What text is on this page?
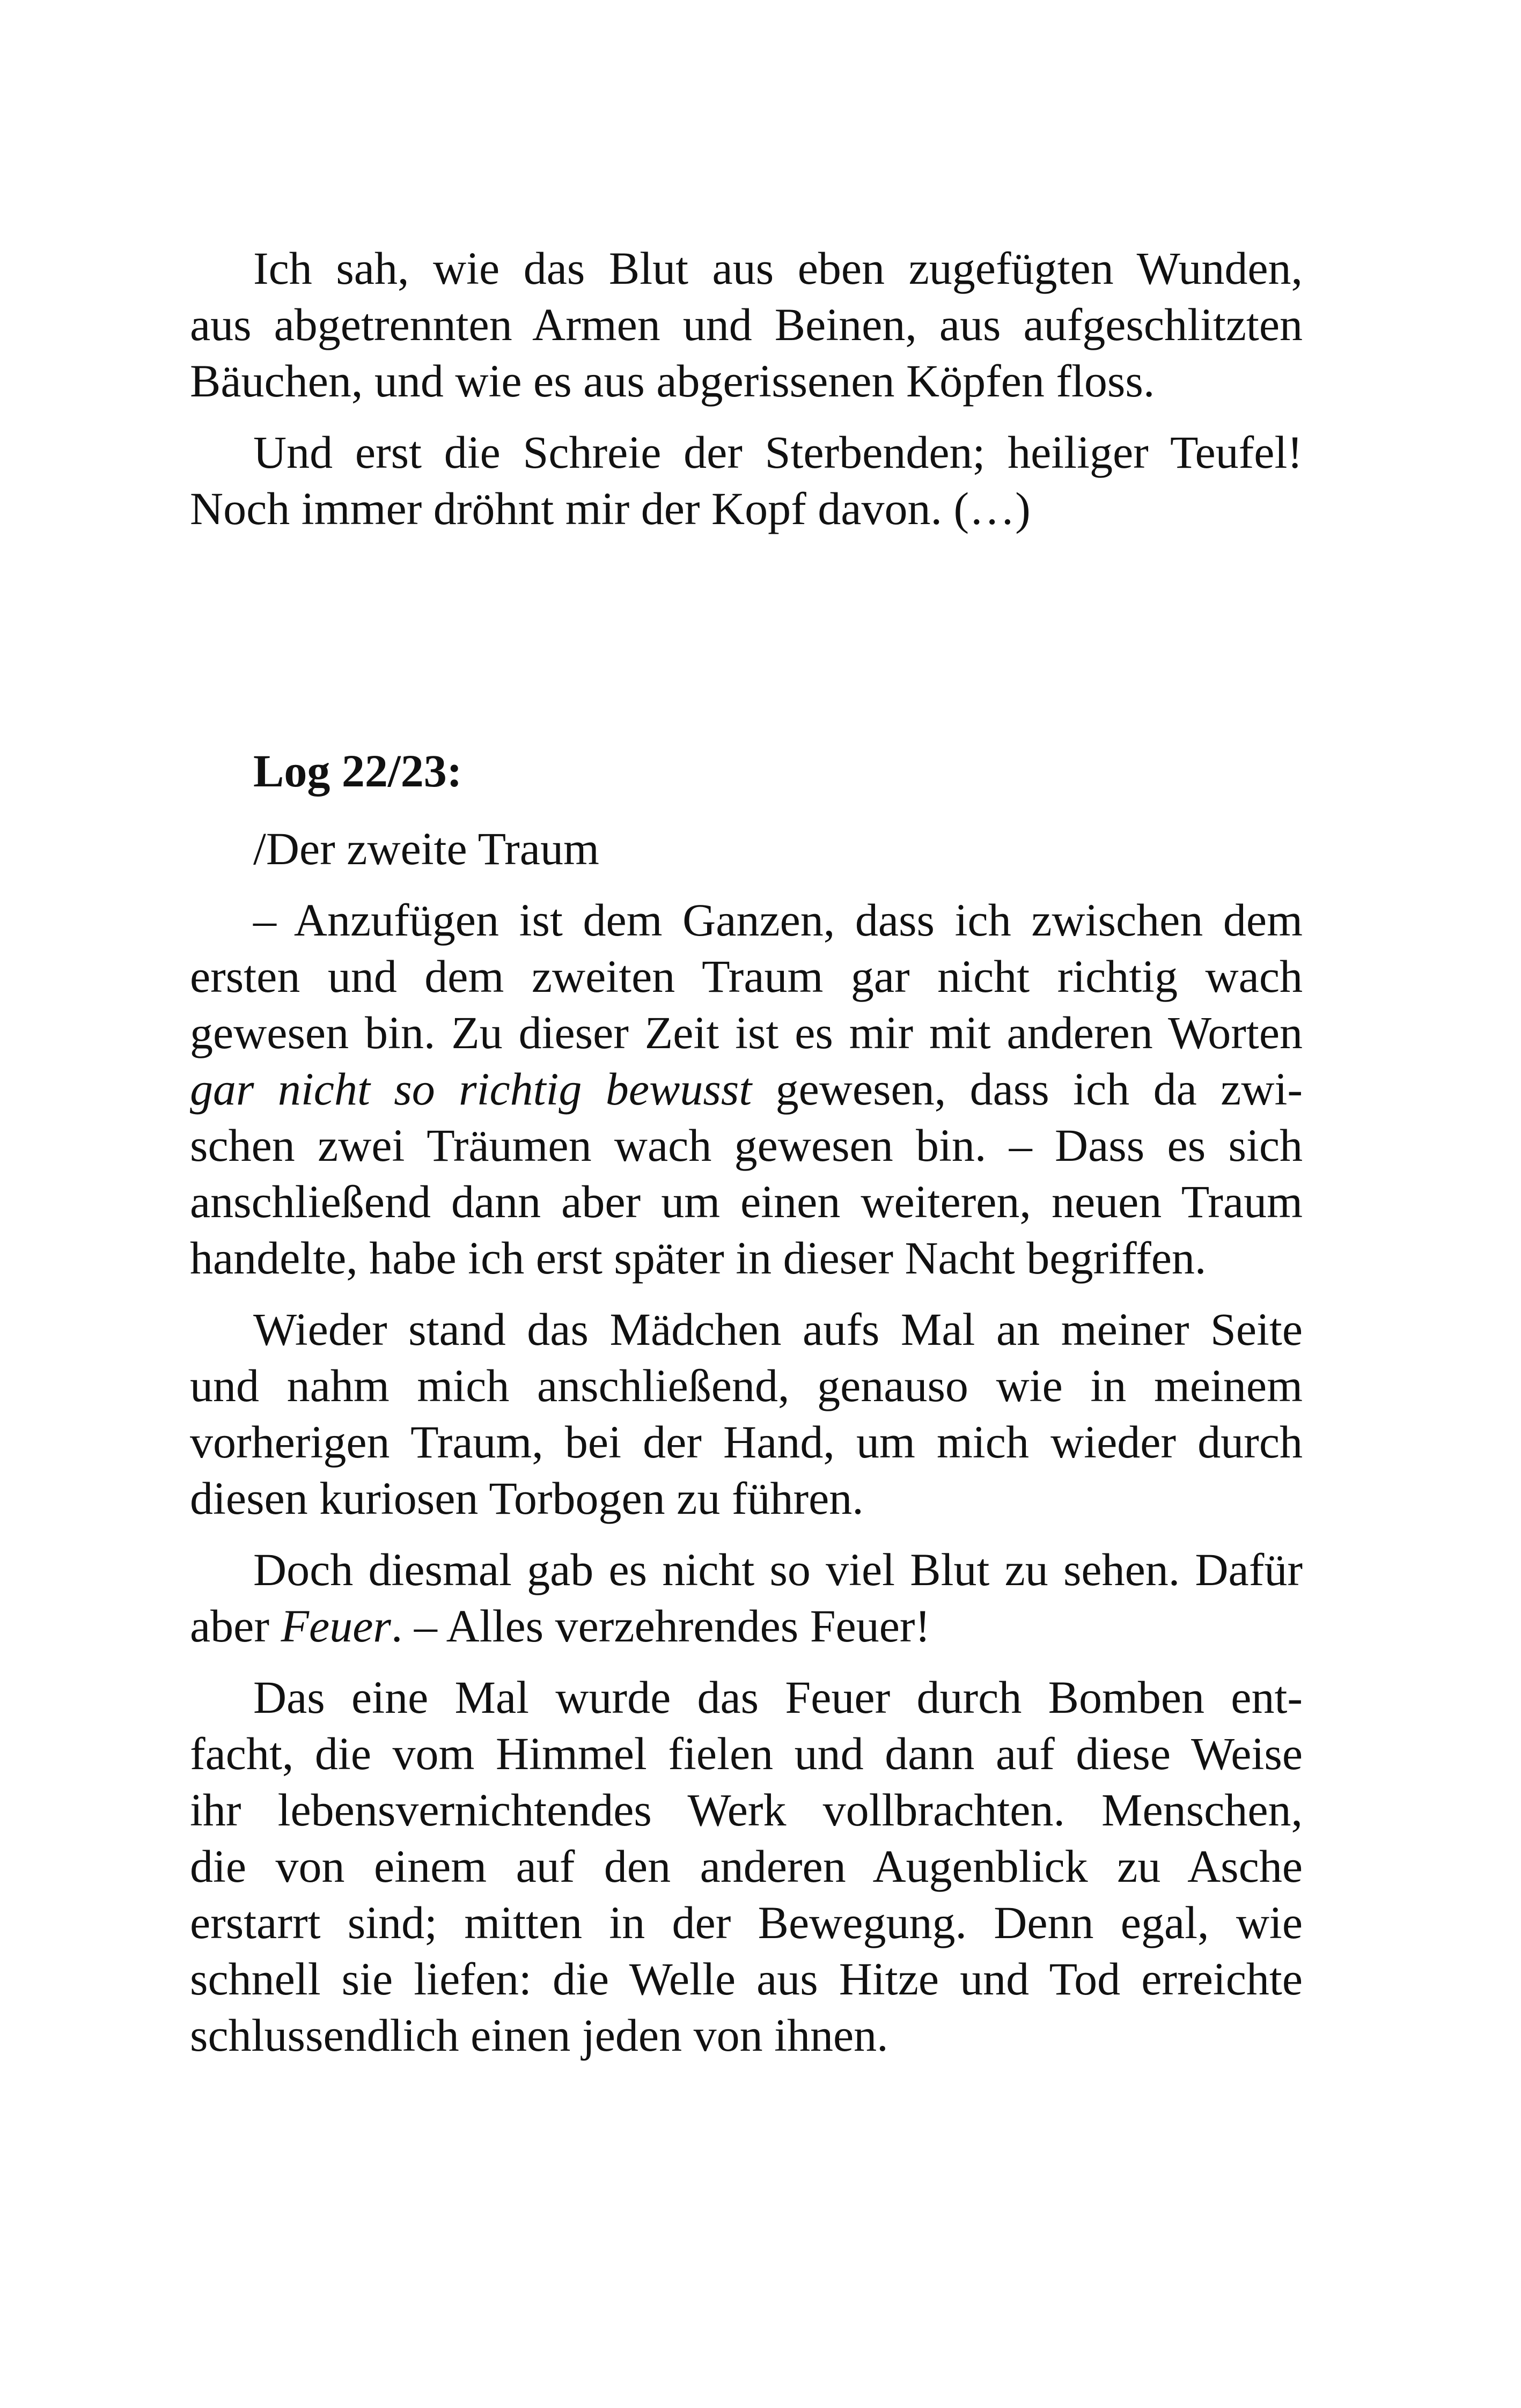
Ich sah, wie das Blut aus eben zugefügten Wunden,
aus abgetrennten Armen und Beinen, aus aufgeschlitzten
Bäuchen, und wie es aus abgerissenen Köpfen floss.

Und erst die Schreie der Sterbenden; heiliger Teufel!
Noch immer dröhnt mir der Kopf davon. (…)

Log 22/23:

/Der zweite Traum

– Anzufügen ist dem Ganzen, dass ich zwischen dem
ersten und dem zweiten Traum gar nicht richtig wach
gewesen bin. Zu dieser Zeit ist es mir mit anderen Worten
gar nicht so richtig bewusst gewesen, dass ich da zwi-
schen zwei Träumen wach gewesen bin. – Dass es sich
anschließend dann aber um einen weiteren, neuen Traum
handelte, habe ich erst später in dieser Nacht begriffen.

Wieder stand das Mädchen aufs Mal an meiner Seite
und nahm mich anschließend, genauso wie in meinem
vorherigen Traum, bei der Hand, um mich wieder durch
diesen kuriosen Torbogen zu führen.

Doch diesmal gab es nicht so viel Blut zu sehen. Dafür
aber Feuer. – Alles verzehrendes Feuer!

Das eine Mal wurde das Feuer durch Bomben ent-
facht, die vom Himmel fielen und dann auf diese Weise
ihr lebensvernichtendes Werk vollbrachten. Menschen,
die von einem auf den anderen Augenblick zu Asche
erstarrt sind; mitten in der Bewegung. Denn egal, wie
schnell sie liefen: die Welle aus Hitze und Tod erreichte
schlussendlich einen jeden von ihnen.
